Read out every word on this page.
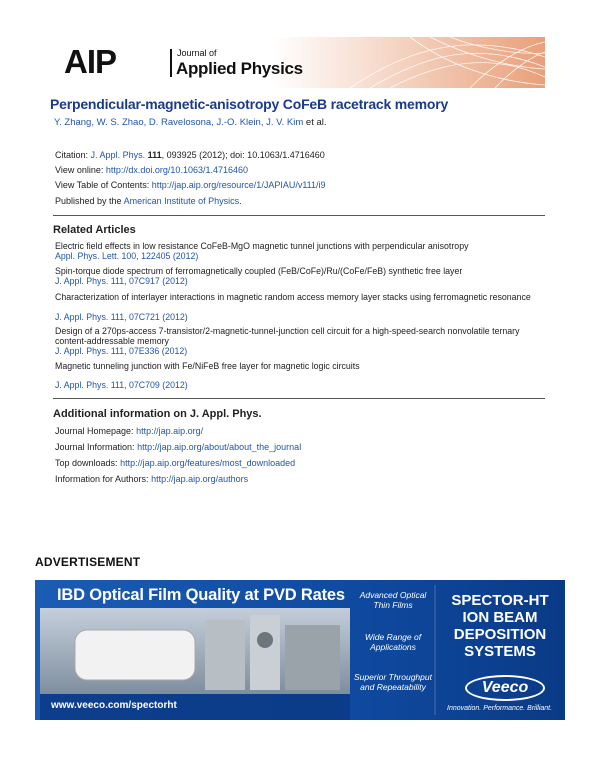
AIP	Journal of
Applied Physics
Perpendicular-magnetic-anisotropy CoFeB racetrack memory
Y. Zhang, W. S. Zhao, D. Ravelosona, J.-O. Klein, J. V. Kim et al.
Citation: J. Appl. Phys. 111, 093925 (2012); doi: 10.1063/1.4716460
View online: http://dx.doi.org/10.1063/1.4716460
View Table of Contents: http://jap.aip.org/resource/1/JAPIAU/v111/i9
Published by the American Institute of Physics.
Related Articles
Electric field effects in low resistance CoFeB-MgO magnetic tunnel junctions with perpendicular anisotropy
Appl. Phys. Lett. 100, 122405 (2012)
Spin-torque diode spectrum of ferromagnetically coupled (FeB/CoFe)/Ru/(CoFe/FeB) synthetic free layer
J. Appl. Phys. 111, 07C917 (2012)
Characterization of interlayer interactions in magnetic random access memory layer stacks using ferromagnetic resonance
J. Appl. Phys. 111, 07C721 (2012)
Design of a 270ps-access 7-transistor/2-magnetic-tunnel-junction cell circuit for a high-speed-search nonvolatile ternary content-addressable memory
J. Appl. Phys. 111, 07E336 (2012)
Magnetic tunneling junction with Fe/NiFeB free layer for magnetic logic circuits
J. Appl. Phys. 111, 07C709 (2012)
Additional information on J. Appl. Phys.
Journal Homepage: http://jap.aip.org/
Journal Information: http://jap.aip.org/about/about_the_journal
Top downloads: http://jap.aip.org/features/most_downloaded
Information for Authors: http://jap.aip.org/authors
ADVERTISEMENT
IBD Optical Film Quality at PVD Rates	Advanced Optical Thin Films
Wide Range of Applications
Superior Throughput and Repeatability
SPECTOR-HT
ION BEAM
DEPOSITION
SYSTEMS
www.veeco.com/spectorht
Veeco
Innovation. Performance. Brilliant.
